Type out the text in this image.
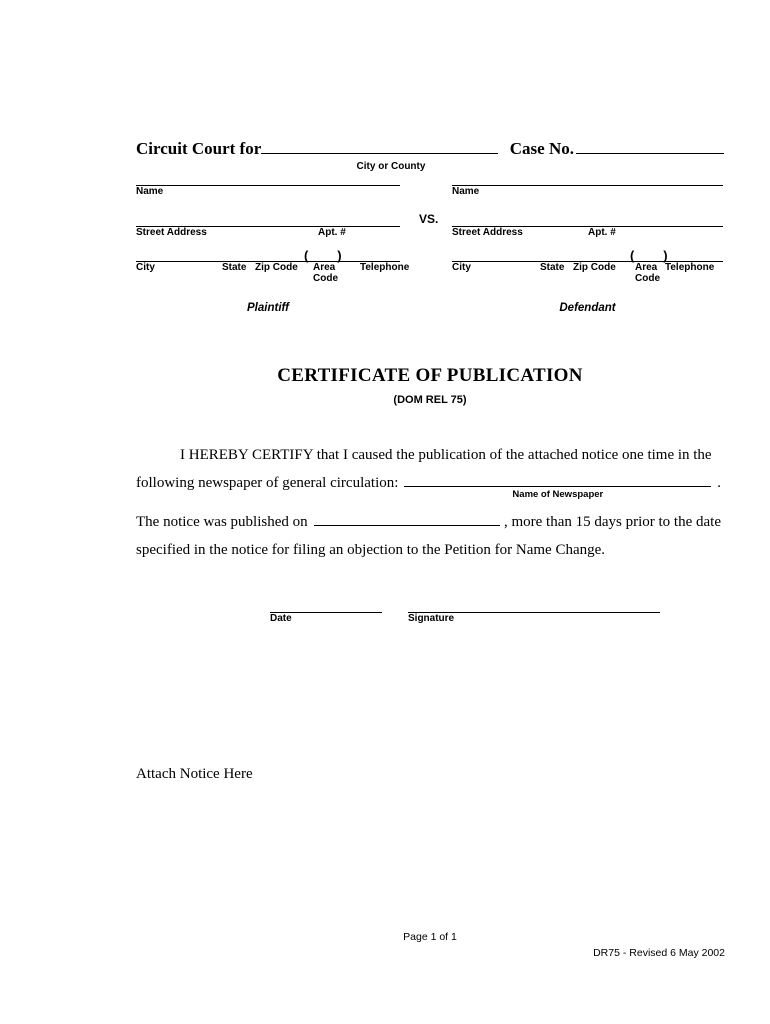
Circuit Court for	Case No.
City or County
Name
Street Address	Apt. #
(        )
City	State Zip Code Area
Code
Telephone
Plaintiff
VS.
Name
Street Address	Apt. #
(        )
City	State Zip Code Area
Code
Telephone
Defendant
CERTIFICATE OF PUBLICATION
(DOM REL 75)
I HEREBY CERTIFY that I caused the publication of the attached notice one time in the
following newspaper of general circulation:
Name of Newspaper
.
The notice was published on	, more than 15 days prior to the date
specified in the notice for filing an objection to the Petition for Name Change.
Date	Signature
Attach Notice Here
Page 1 of 1
DR75 - Revised 6 May 2002
